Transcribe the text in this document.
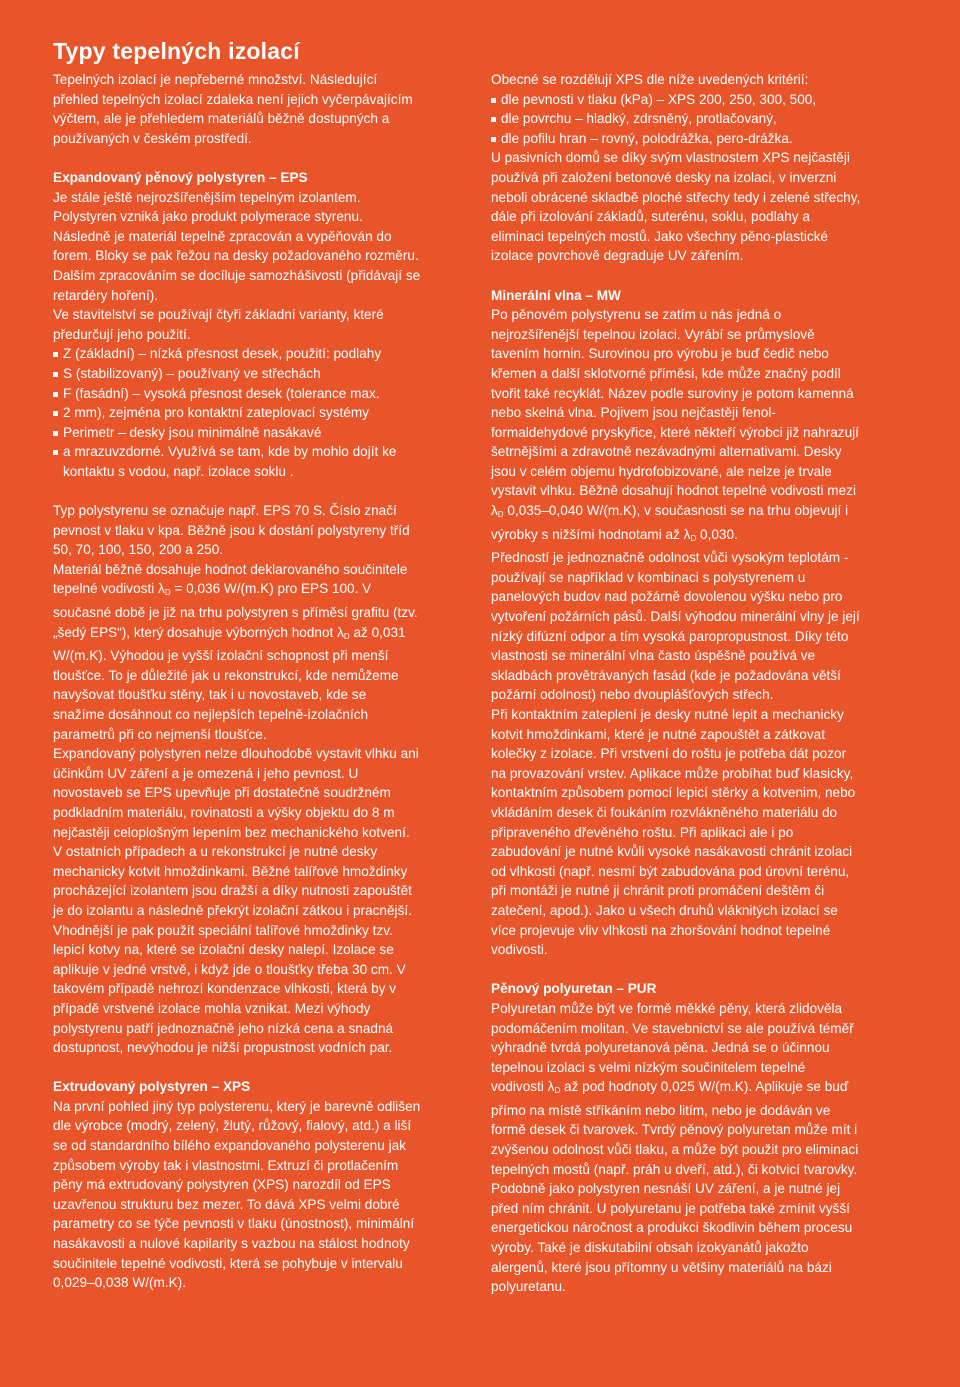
Typy tepelných izolací

Tepelných izolací je nepřeberné množství. Následující přehled tepelných izolací zdaleka není jejich vyčerpávajícím výčtem, ale je přehledem materiálů běžně dostupných a používaných v českém prostředí.

Expandovaný pěnový polystyren – EPS

Je stále ještě nejrozšířenějším tepelným izolantem. Polystyren vzniká jako produkt polymerace styrenu. Následně je materiál tepelně zpracován a vypěňován do forem. Bloky se pak řežou na desky požadovaného rozměru. Dalším zpracováním se docíluje samozhášivosti (přidávají se retardéry hoření).

Ve stavitelství se používají čtyři základní varianty, které předurčují jeho použití.

Z (základní) – nízká přesnost desek, použití: podlahy
S (stabilizovaný) – používaný ve střechách
F (fasádní) – vysoká přesnost desek (tolerance max.
2 mm), zejména pro kontaktní zateplovací systémy
Perimetr – desky jsou minimálně nasákavé
a mrazuvzdorné. Využívá se tam, kde by mohlo dojít ke kontaktu s vodou, např. izolace soklu .

Typ polystyrenu se označuje např. EPS 70 S. Číslo značí pevnost v tlaku v kpa. Běžně jsou k dostání polystyreny tříd 50, 70, 100, 150, 200 a 250.

Materiál běžně dosahuje hodnot deklarovaného součinitele tepelné vodivosti $\lambda_D = 0,036$ W/(m.K) pro EPS 100. V současné době je již na trhu polystyren s příměsí grafitu (tzv. „šedý EPS“), který dosahuje výborných hodnot $\lambda_D$ až 0,031 W/(m.K). Výhodou je vyšší izolační schopnost při menší tloušťce. To je důležité jak u rekonstrukcí, kde nemůžeme navyšovat tloušťku stěny, tak i u novostaveb, kde se snažíme dosáhnout co nejlepších tepelně-izolačních parametrů při co nejmenší tloušťce.

Expandovaný polystyren nelze dlouhodobě vystavit vlhku ani účinkům UV záření a je omezená i jeho pevnost. U novostaveb se EPS upevňuje při dostatečně soudržném podkladním materiálu, rovinatosti a výšky objektu do 8 m nejčastěji celoplošným lepením bez mechanického kotvení. V ostatních případech a u rekonstrukcí je nutné desky mechanicky kotvit hmoždinkami. Běžné talířové hmoždinky procházející izolantem jsou dražší a díky nutnosti zapouštět je do izolantu a následně překrýt izolační zátkou i pracnější. Vhodnější je pak použít speciální talířové hmoždinky tzv. lepicí kotvy na, které se izolační desky nalepí. Izolace se aplikuje v jedné vrstvě, i když jde o tloušťky třeba 30 cm. V takovém případě nehrozí kondenzace vlhkosti, která by v případě vrstvené izolace mohla vznikat. Mezi výhody polystyrenu patří jednoznačně jeho nízká cena a snadná dostupnost, nevýhodou je nižší propustnost vodních par.

Extrudovaný polystyren – XPS

Na první pohled jiný typ polysterenu, který je barevně odlišen dle výrobce (modrý, zelený, žlutý, růžový, fialový, atd.) a liší se od standardního bílého expandovaného polysterenu jak způsobem výroby tak i vlastnostmi. Extruzí či protlačením pěny má extrudovaný polystyren (XPS) narozdíl od EPS uzavřenou strukturu bez mezer. To dává XPS velmi dobré parametry co se týče pevnosti v tlaku (únostnost), minimální nasákavosti a nulové kapilarity s vazbou na stálost hodnoty součinitele tepelné vodivosti, která se pohybuje v intervalu 0,029–0,038 W/(m.K).

Obecné se rozdělují XPS dle níže uvedených kritérií:

dle pevnosti v tlaku (kPa) – XPS 200, 250, 300, 500,
dle povrchu – hladký, zdrsněný, protlačovaný,
dle pofilu hran – rovný, polodrážka, pero-drážka.

U pasivních domů se díky svým vlastnostem XPS nejčastěji používá při založení betonové desky na izolaci, v inverzni neboli obrácené skladbě ploché střechy tedy i zelené střechy, dále při izolování základů, suterénu, soklu, podlahy a eliminaci tepelných mostů. Jako všechny pěno-plastické izolace povrchově degraduje UV zářením.

Minerální vlna – MW

Po pěnovém polystyrenu se zatím u nás jedná o nejrozšířenější tepelnou izolaci. Vyrábí se průmyslově tavením hornin. Surovinou pro výrobu je buď čedič nebo křemen a další sklotvorné příměsi, kde může značný podíl tvořit také recyklát. Název podle suroviny je potom kamenná nebo skelná vlna. Pojivem jsou nejčastěji fenol-formaldehydové pryskyřice, které někteří výrobci již nahrazují šetrnějšími a zdravotně nezávadnými alternativami. Desky jsou v celém objemu hydrofobizované, ale nelze je trvale vystavit vlhku. Běžně dosahují hodnot tepelné vodivosti mezi $\lambda_D$ 0,035–0,040 W/(m.K), v současnosti se na trhu objevují i výrobky s nižšími hodnotami až $\lambda_D$ 0,030.

Předností je jednoznačně odolnost vůči vysokým teplotám - používají se například v kombinaci s polystyrenem u panelových budov nad požárně dovolenou výšku nebo pro vytvoření požárních pásů. Další výhodou minerální vlny je její nízký difúzní odpor a tím vysoká paropropustnost. Díky této vlastnosti se minerální vlna často úspěšně používá ve skladbách provětrávaných fasád (kde je požadována větší požární odolnost) nebo dvouplášťových střech.

Při kontaktním zateplení je desky nutné lepit a mechanicky kotvit hmoždinkami, které je nutné zapouštět a zátkovat kolečky z izolace. Při vrstvení do roštu je potřeba dát pozor na provazování vrstev. Aplikace může probíhat buď klasicky, kontaktním způsobem pomocí lepicí stěrky a kotvenim, nebo vkládáním desek či foukáním rozvlákněného materiálu do připraveného dřevěného roštu. Při aplikaci ale i po zabudování je nutné kvůli vysoké nasákavosti chránit izolaci od vlhkosti (např. nesmí být zabudována pod úrovní terénu, při montáži je nutné ji chránit proti promáčení deštěm či zatečení, apod.). Jako u všech druhů vláknitých izolací se více projevuje vliv vlhkosti na zhoršování hodnot tepelné vodivosti.

Pěnový polyuretan – PUR

Polyuretan může být ve formě měkké pěny, která zlidověla podomáčením molitan. Ve stavebnictví se ale používá téměř výhradně tvrdá polyuretanová pěna. Jedná se o účinnou tepelnou izolaci s velmi nízkým součinitelem tepelné vodivosti $\lambda_D$ až pod hodnoty 0,025 W/(m.K). Aplikuje se buď přímo na místě stříkáním nebo litím, nebo je dodáván ve formě desek či tvarovek. Tvrdý pěnový polyuretan může mít i zvýšenou odolnost vůči tlaku, a může být použit pro eliminaci tepelných mostů (např. práh u dveří, atd.), či kotvicí tvarovky. Podobně jako polystyren nesnáší UV záření, a je nutné jej před ním chránit. U polyuretanu je potřeba také zmínit vyšší energetickou náročnost a produkci škodlivin během procesu výroby. Také je diskutabilní obsah izokyanátů jakožto alergenů, které jsou přítomny u většiny materiálů na bázi polyuretanu.
